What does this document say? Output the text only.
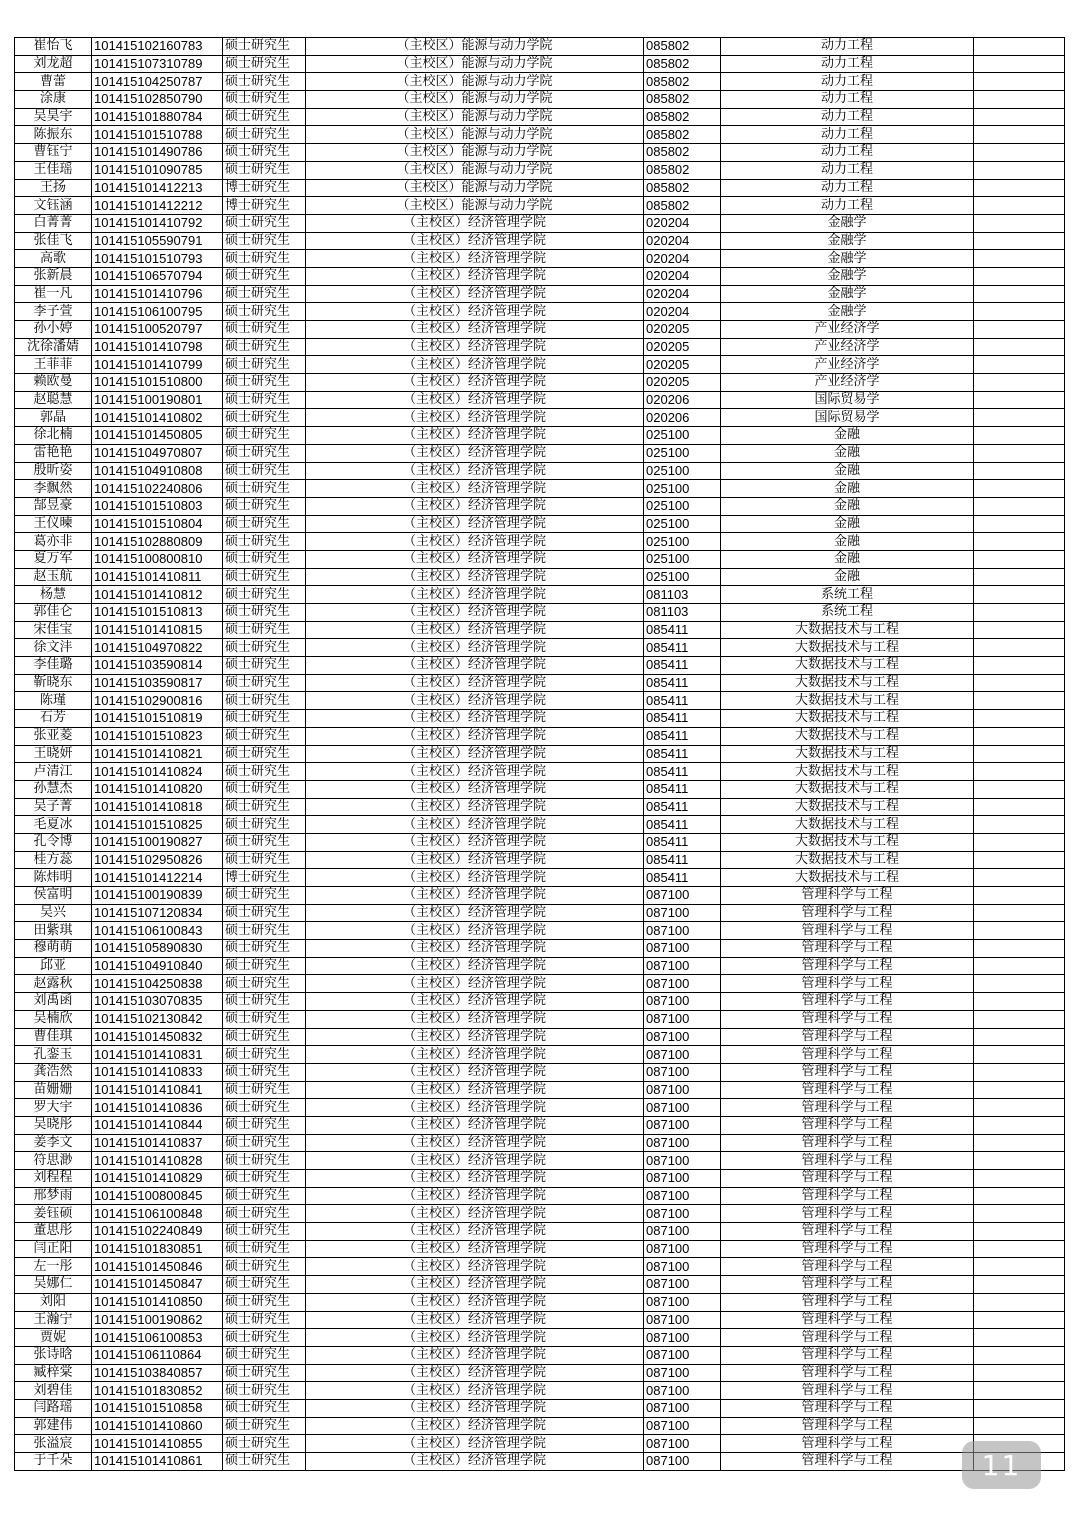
崔怡飞	101415102160783	硕士研究生	（主校区）能源与动力学院	085802	动力工程	
刘龙超	101415107310789	硕士研究生	（主校区）能源与动力学院	085802	动力工程	
曹蕾	101415104250787	硕士研究生	（主校区）能源与动力学院	085802	动力工程	
涂康	101415102850790	硕士研究生	（主校区）能源与动力学院	085802	动力工程	
吴昊宇	101415101880784	硕士研究生	（主校区）能源与动力学院	085802	动力工程	
陈振东	101415101510788	硕士研究生	（主校区）能源与动力学院	085802	动力工程	
曹钰宁	101415101490786	硕士研究生	（主校区）能源与动力学院	085802	动力工程	
王佳瑶	101415101090785	硕士研究生	（主校区）能源与动力学院	085802	动力工程	
王扬	101415101412213	博士研究生	（主校区）能源与动力学院	085802	动力工程	
文钰涵	101415101412212	博士研究生	（主校区）能源与动力学院	085802	动力工程	
白菁菁	101415101410792	硕士研究生	（主校区）经济管理学院	020204	金融学	
张佳飞	101415105590791	硕士研究生	（主校区）经济管理学院	020204	金融学	
高歌	101415101510793	硕士研究生	（主校区）经济管理学院	020204	金融学	
张新晨	101415106570794	硕士研究生	（主校区）经济管理学院	020204	金融学	
崔一凡	101415101410796	硕士研究生	（主校区）经济管理学院	020204	金融学	
李子萱	101415106100795	硕士研究生	（主校区）经济管理学院	020204	金融学	
孙小婷	101415100520797	硕士研究生	（主校区）经济管理学院	020205	产业经济学	
沈徐潘婧	101415101410798	硕士研究生	（主校区）经济管理学院	020205	产业经济学	
王菲菲	101415101410799	硕士研究生	（主校区）经济管理学院	020205	产业经济学	
赖欧曼	101415101510800	硕士研究生	（主校区）经济管理学院	020205	产业经济学	
赵聪慧	101415100190801	硕士研究生	（主校区）经济管理学院	020206	国际贸易学	
郭晶	101415101410802	硕士研究生	（主校区）经济管理学院	020206	国际贸易学	
徐北楠	101415101450805	硕士研究生	（主校区）经济管理学院	025100	金融	
雷艳艳	101415104970807	硕士研究生	（主校区）经济管理学院	025100	金融	
殷昕姿	101415104910808	硕士研究生	（主校区）经济管理学院	025100	金融	
李飘然	101415102240806	硕士研究生	（主校区）经济管理学院	025100	金融	
郜昱豪	101415101510803	硕士研究生	（主校区）经济管理学院	025100	金融	
王仪暕	101415101510804	硕士研究生	（主校区）经济管理学院	025100	金融	
葛亦非	101415102880809	硕士研究生	（主校区）经济管理学院	025100	金融	
夏万军	101415100800810	硕士研究生	（主校区）经济管理学院	025100	金融	
赵玉航	101415101410811	硕士研究生	（主校区）经济管理学院	025100	金融	
杨慧	101415101410812	硕士研究生	（主校区）经济管理学院	081103	系统工程	
郭佳仑	101415101510813	硕士研究生	（主校区）经济管理学院	081103	系统工程	
宋佳宝	101415101410815	硕士研究生	（主校区）经济管理学院	085411	大数据技术与工程	
徐文沣	101415104970822	硕士研究生	（主校区）经济管理学院	085411	大数据技术与工程	
李佳璐	101415103590814	硕士研究生	（主校区）经济管理学院	085411	大数据技术与工程	
靳晓东	101415103590817	硕士研究生	（主校区）经济管理学院	085411	大数据技术与工程	
陈瑾	101415102900816	硕士研究生	（主校区）经济管理学院	085411	大数据技术与工程	
石芳	101415101510819	硕士研究生	（主校区）经济管理学院	085411	大数据技术与工程	
张亚菱	101415101510823	硕士研究生	（主校区）经济管理学院	085411	大数据技术与工程	
王晓妍	101415101410821	硕士研究生	（主校区）经济管理学院	085411	大数据技术与工程	
卢清江	101415101410824	硕士研究生	（主校区）经济管理学院	085411	大数据技术与工程	
孙慧杰	101415101410820	硕士研究生	（主校区）经济管理学院	085411	大数据技术与工程	
吴子菁	101415101410818	硕士研究生	（主校区）经济管理学院	085411	大数据技术与工程	
毛夏冰	101415101510825	硕士研究生	（主校区）经济管理学院	085411	大数据技术与工程	
孔令博	101415100190827	硕士研究生	（主校区）经济管理学院	085411	大数据技术与工程	
桂方蕊	101415102950826	硕士研究生	（主校区）经济管理学院	085411	大数据技术与工程	
陈炜明	101415101412214	博士研究生	（主校区）经济管理学院	085411	大数据技术与工程	
侯富明	101415100190839	硕士研究生	（主校区）经济管理学院	087100	管理科学与工程	
吴兴	101415107120834	硕士研究生	（主校区）经济管理学院	087100	管理科学与工程	
田紫琪	101415106100843	硕士研究生	（主校区）经济管理学院	087100	管理科学与工程	
穆萌萌	101415105890830	硕士研究生	（主校区）经济管理学院	087100	管理科学与工程	
邱亚	101415104910840	硕士研究生	（主校区）经济管理学院	087100	管理科学与工程	
赵露秋	101415104250838	硕士研究生	（主校区）经济管理学院	087100	管理科学与工程	
刘禹函	101415103070835	硕士研究生	（主校区）经济管理学院	087100	管理科学与工程	
吴楠欣	101415102130842	硕士研究生	（主校区）经济管理学院	087100	管理科学与工程	
曹佳琪	101415101450832	硕士研究生	（主校区）经济管理学院	087100	管理科学与工程	
孔銮玉	101415101410831	硕士研究生	（主校区）经济管理学院	087100	管理科学与工程	
龚浩然	101415101410833	硕士研究生	（主校区）经济管理学院	087100	管理科学与工程	
苗姗姗	101415101410841	硕士研究生	（主校区）经济管理学院	087100	管理科学与工程	
罗大宇	101415101410836	硕士研究生	（主校区）经济管理学院	087100	管理科学与工程	
吴晓彤	101415101410844	硕士研究生	（主校区）经济管理学院	087100	管理科学与工程	
姜李文	101415101410837	硕士研究生	（主校区）经济管理学院	087100	管理科学与工程	
符思渺	101415101410828	硕士研究生	（主校区）经济管理学院	087100	管理科学与工程	
刘程程	101415101410829	硕士研究生	（主校区）经济管理学院	087100	管理科学与工程	
邢梦雨	101415100800845	硕士研究生	（主校区）经济管理学院	087100	管理科学与工程	
姜钰硕	101415106100848	硕士研究生	（主校区）经济管理学院	087100	管理科学与工程	
董思彤	101415102240849	硕士研究生	（主校区）经济管理学院	087100	管理科学与工程	
闫正阳	101415101830851	硕士研究生	（主校区）经济管理学院	087100	管理科学与工程	
左一彤	101415101450846	硕士研究生	（主校区）经济管理学院	087100	管理科学与工程	
吴娜仁	101415101450847	硕士研究生	（主校区）经济管理学院	087100	管理科学与工程	
刘阳	101415101410850	硕士研究生	（主校区）经济管理学院	087100	管理科学与工程	
王瀚宁	101415100190862	硕士研究生	（主校区）经济管理学院	087100	管理科学与工程	
贾妮	101415106100853	硕士研究生	（主校区）经济管理学院	087100	管理科学与工程	
张诗晗	101415106110864	硕士研究生	（主校区）经济管理学院	087100	管理科学与工程	
臧梓棠	101415103840857	硕士研究生	（主校区）经济管理学院	087100	管理科学与工程	
刘碧佳	101415101830852	硕士研究生	（主校区）经济管理学院	087100	管理科学与工程	
闫路瑶	101415101510858	硕士研究生	（主校区）经济管理学院	087100	管理科学与工程	
郭建伟	101415101410860	硕士研究生	（主校区）经济管理学院	087100	管理科学与工程	
张溢宸	101415101410855	硕士研究生	（主校区）经济管理学院	087100	管理科学与工程	
于千朵	101415101410861	硕士研究生	（主校区）经济管理学院	087100	管理科学与工程		11
